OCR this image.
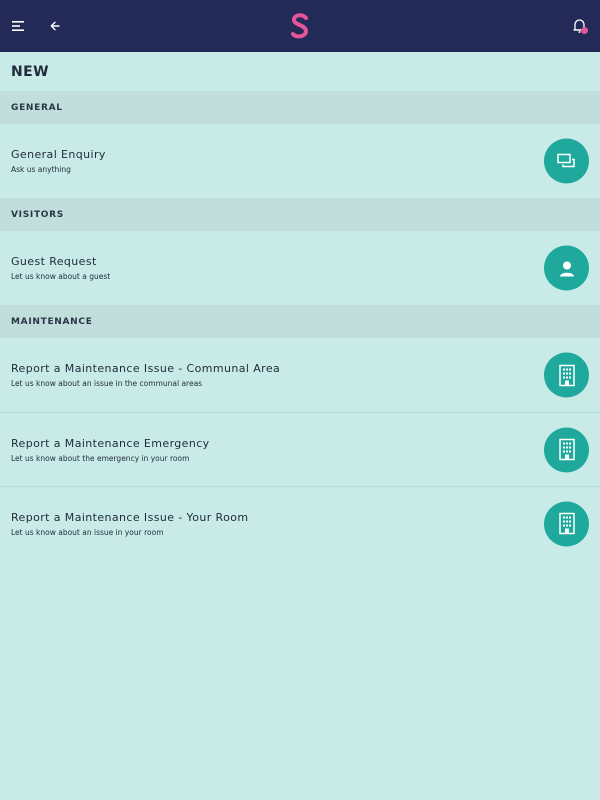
NEW
GENERAL
General Enquiry
Ask us anything
VISITORS
Guest Request
Let us know about a guest
MAINTENANCE
Report a Maintenance Issue - Communal Area
Let us know about an issue in the communal areas
Report a Maintenance Emergency
Let us know about the emergency in your room
Report a Maintenance Issue - Your Room
Let us know about an issue in your room
